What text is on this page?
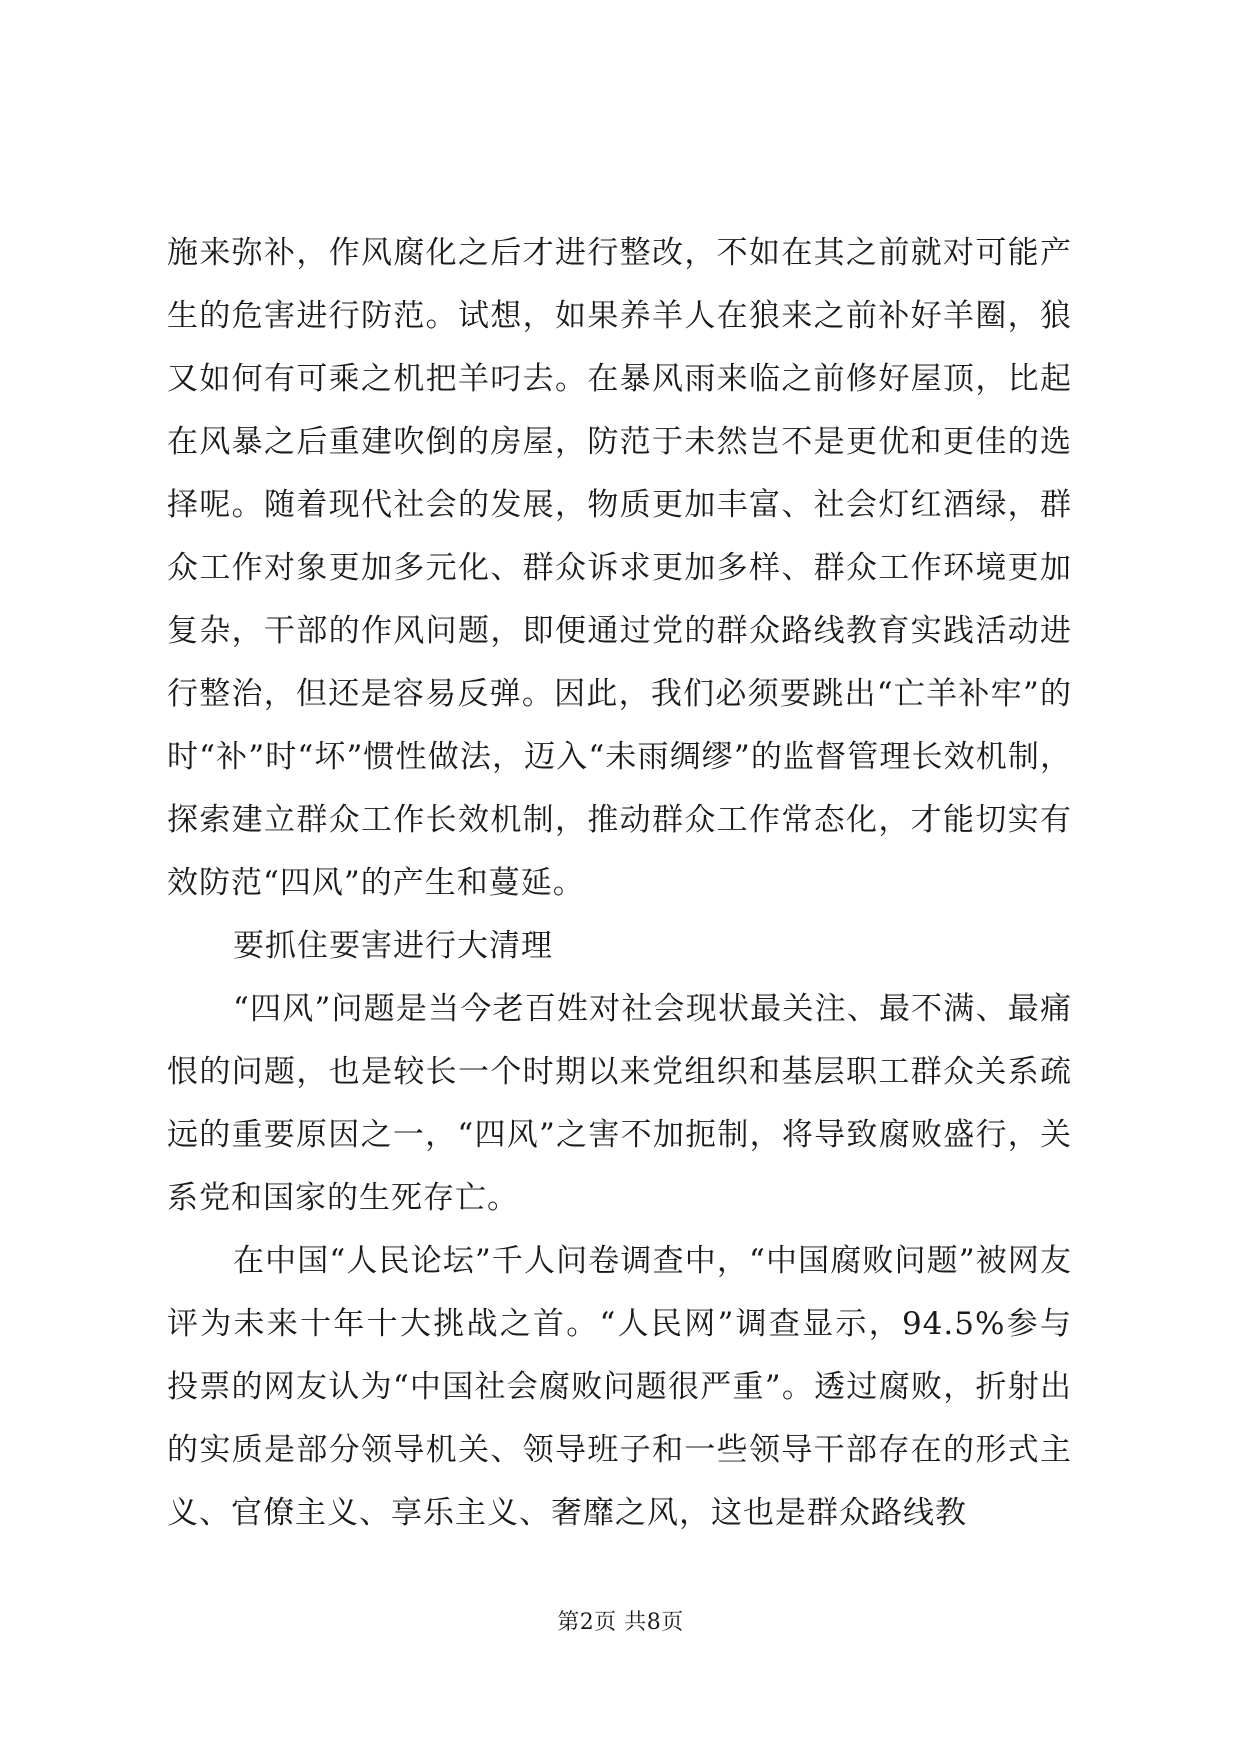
施来弥补，作风腐化之后才进行整改，不如在其之前就对可能产生的危害进行防范。试想，如果养羊人在狼来之前补好羊圈，狼又如何有可乘之机把羊叼去。在暴风雨来临之前修好屋顶，比起在风暴之后重建吹倒的房屋，防范于未然岂不是更优和更佳的选择呢。随着现代社会的发展，物质更加丰富、社会灯红酒绿，群众工作对象更加多元化、群众诉求更加多样、群众工作环境更加复杂，干部的作风问题，即便通过党的群众路线教育实践活动进行整治，但还是容易反弹。因此，我们必须要跳出“亡羊补牢”的时“补”时“坏”惯性做法，迈入“未雨绸缪”的监督管理长效机制，探索建立群众工作长效机制，推动群众工作常态化，才能切实有效防范“四风”的产生和蔓延。

要抓住要害进行大清理

“四风”问题是当今老百姓对社会现状最关注、最不满、最痛恨的问题，也是较长一个时期以来党组织和基层职工群众关系疏远的重要原因之一，“四风”之害不加扼制，将导致腐败盛行，关系党和国家的生死存亡。

在中国“人民论坛”千人问卷调查中，“中国腐败问题”被网友评为未来十年十大挑战之首。“人民网”调查显示，94.5%参与投票的网友认为“中国社会腐败问题很严重”。透过腐败，折射出的实质是部分领导机关、领导班子和一些领导干部存在的形式主义、官僚主义、享乐主义、奢靡之风，这也是群众路线教

第2页 共8页
